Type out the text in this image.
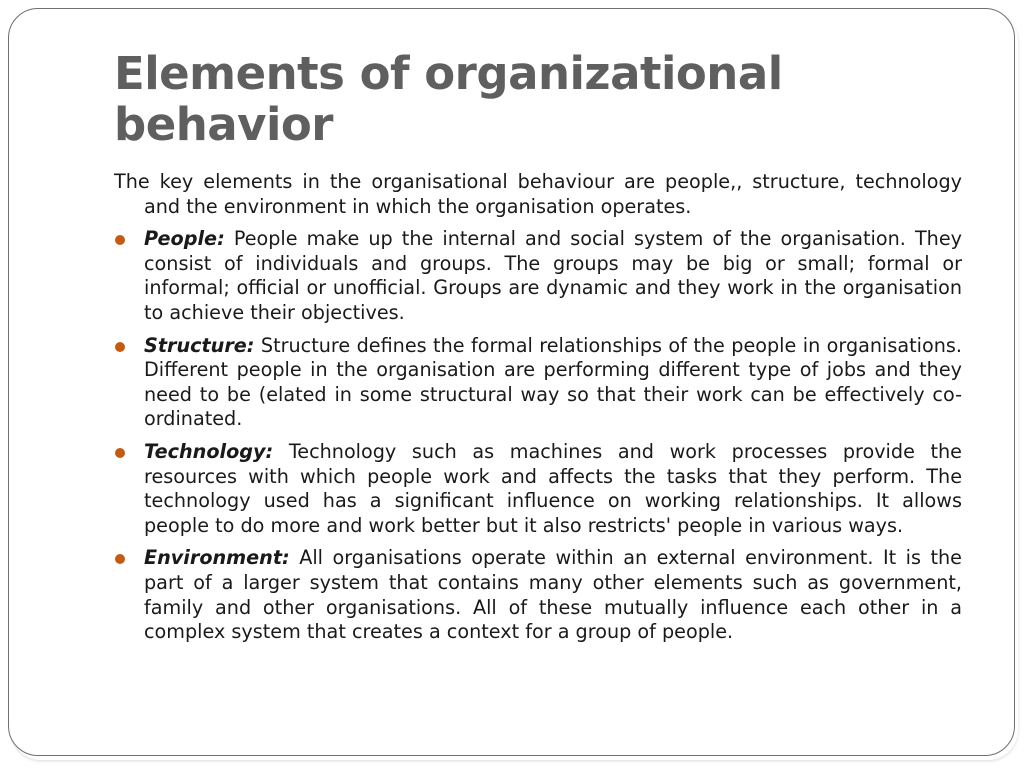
Elements of organizational behavior

The key elements in the organisational behaviour are people,, structure, technology and the environment in which the organisation operates.

People: People make up the internal and social system of the organisation. They consist of individuals and groups. The groups may be big or small; formal or informal; official or unofficial. Groups are dynamic and they work in the organisation to achieve their objectives.
Structure: Structure defines the formal relationships of the people in organisations. Different people in the organisation are performing different type of jobs and they need to be (elated in some structural way so that their work can be effectively co-ordinated.
Technology: Technology such as machines and work processes provide the resources with which people work and affects the tasks that they perform. The technology used has a significant influence on working relationships. It allows people to do more and work better but it also restricts' people in various ways.
Environment: All organisations operate within an external environment. It is the part of a larger system that contains many other elements such as government, family and other organisations. All of these mutually influence each other in a complex system that creates a context for a group of people.
